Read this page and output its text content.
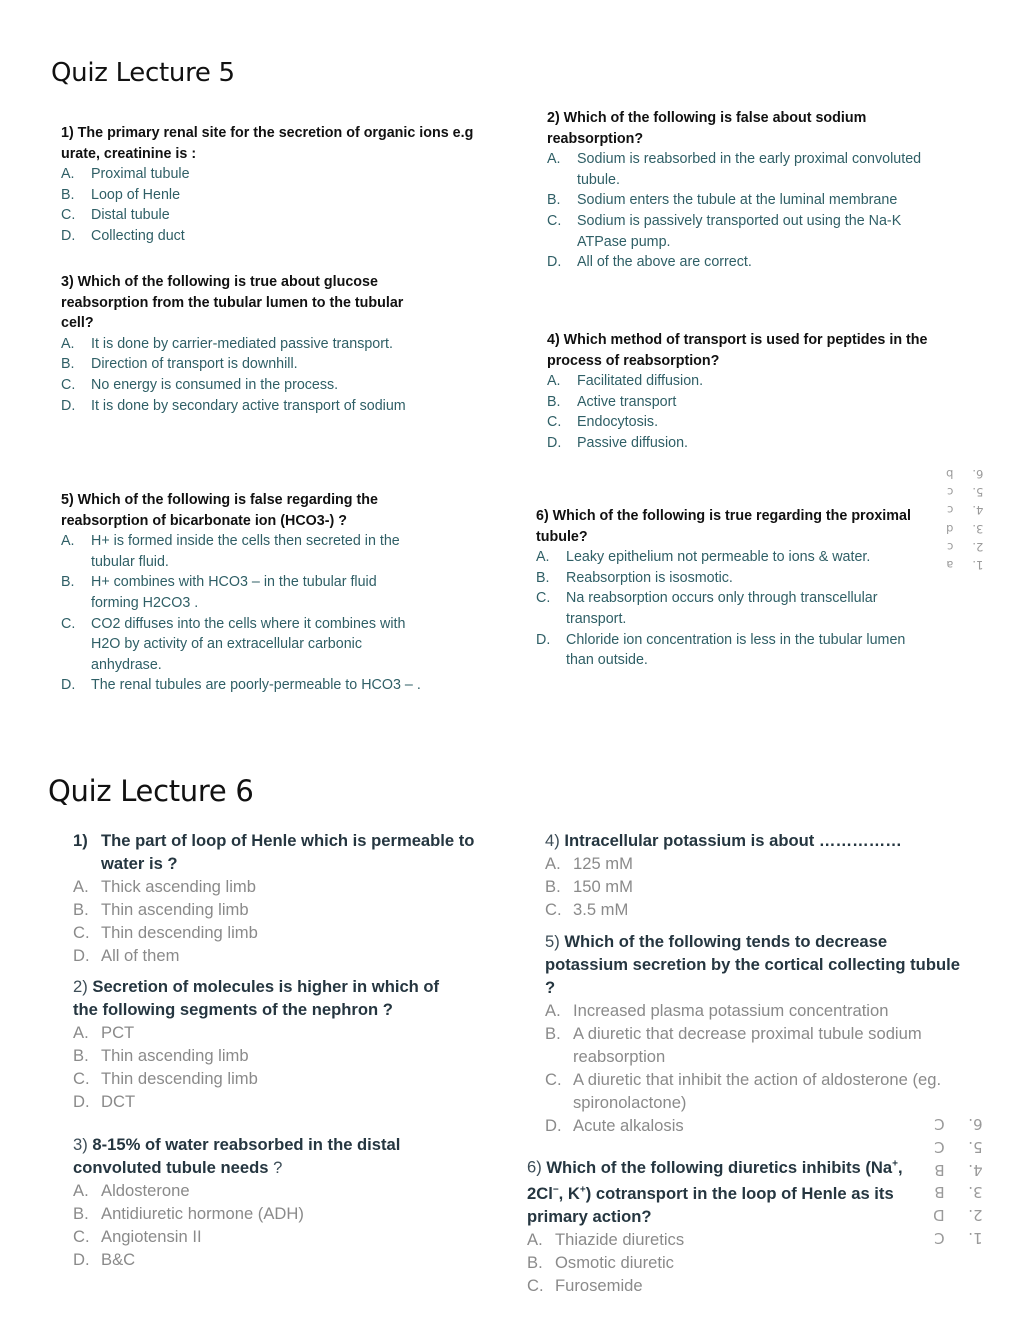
Quiz Lecture 5
1) The primary renal site for the secretion of organic ions e.g urate, creatinine is :
A.	Proximal tubule
B.	Loop of Henle
C.	Distal tubule
D.	Collecting duct
2) Which of the following is false about sodium reabsorption?
A.	Sodium is reabsorbed in the early proximal convoluted tubule.
B.	Sodium enters the tubule at the luminal membrane
C.	Sodium is passively transported out using the Na-K ATPase pump.
D.	All of the above are correct.
3) Which of the following is true about glucose reabsorption from the tubular lumen to the tubular cell?
A.	It is done by carrier-mediated passive transport.
B.	Direction of transport is downhill.
C.	No energy is consumed in the process.
D.	It is done by secondary active transport of sodium
4) Which method of transport is used for peptides in the process of reabsorption?
A.	Facilitated diffusion.
B.	Active transport
C.	Endocytosis.
D.	Passive diffusion.
5) Which of the following is false regarding the reabsorption of bicarbonate ion (HCO3-) ?
A.	H+ is formed inside the cells then secreted in the tubular fluid.
B.	H+ combines with HCO3 – in the tubular fluid forming H2CO3 .
C.	CO2 diffuses into the cells where it combines with H2O by activity of an extracellular carbonic anhydrase.
D.	The renal tubules are poorly-permeable to HCO3 – .
6) Which of the following is true regarding the proximal tubule?
A.	Leaky epithelium not permeable to ions & water.
B.	Reabsorption is isosmotic.
C.	Na reabsorption occurs only through transcellular transport.
D.	Chloride ion concentration is less in the tubular lumen than outside.
1.
a
2.
c
3.
d
4.
c
5.
c
6.
b
Quiz Lecture 6
1) The part of loop of Henle which is permeable to water is ?
A. Thick ascending limb
B. Thin ascending limb
C. Thin descending limb
D. All of them
2) Secretion of molecules is higher in which of the following segments of the nephron ?
A. PCT
B. Thin ascending limb
C. Thin descending limb
D. DCT
3) 8-15% of water reabsorbed in the distal convoluted tubule needs ?
A. Aldosterone
B. Antidiuretic hormone (ADH)
C. Angiotensin II
D. B&C
4) Intracellular potassium is about ……………
A. 125 mM
B. 150 mM
C. 3.5 mM
5) Which of the following tends to decrease potassium secretion by the cortical collecting tubule ?
A. Increased plasma potassium concentration
B. A diuretic that decrease proximal tubule sodium reabsorption
C. A diuretic that inhibit the action of aldosterone (eg. spironolactone)
D. Acute alkalosis
6) Which of the following diuretics inhibits (Na+, 2Cl−, K+) cotransport in the loop of Henle as its primary action?
A. Thiazide diuretics
B. Osmotic diuretic
C. Furosemide
1.
C
2.
D
3.
B
4.
B
5.
C
6.
C
